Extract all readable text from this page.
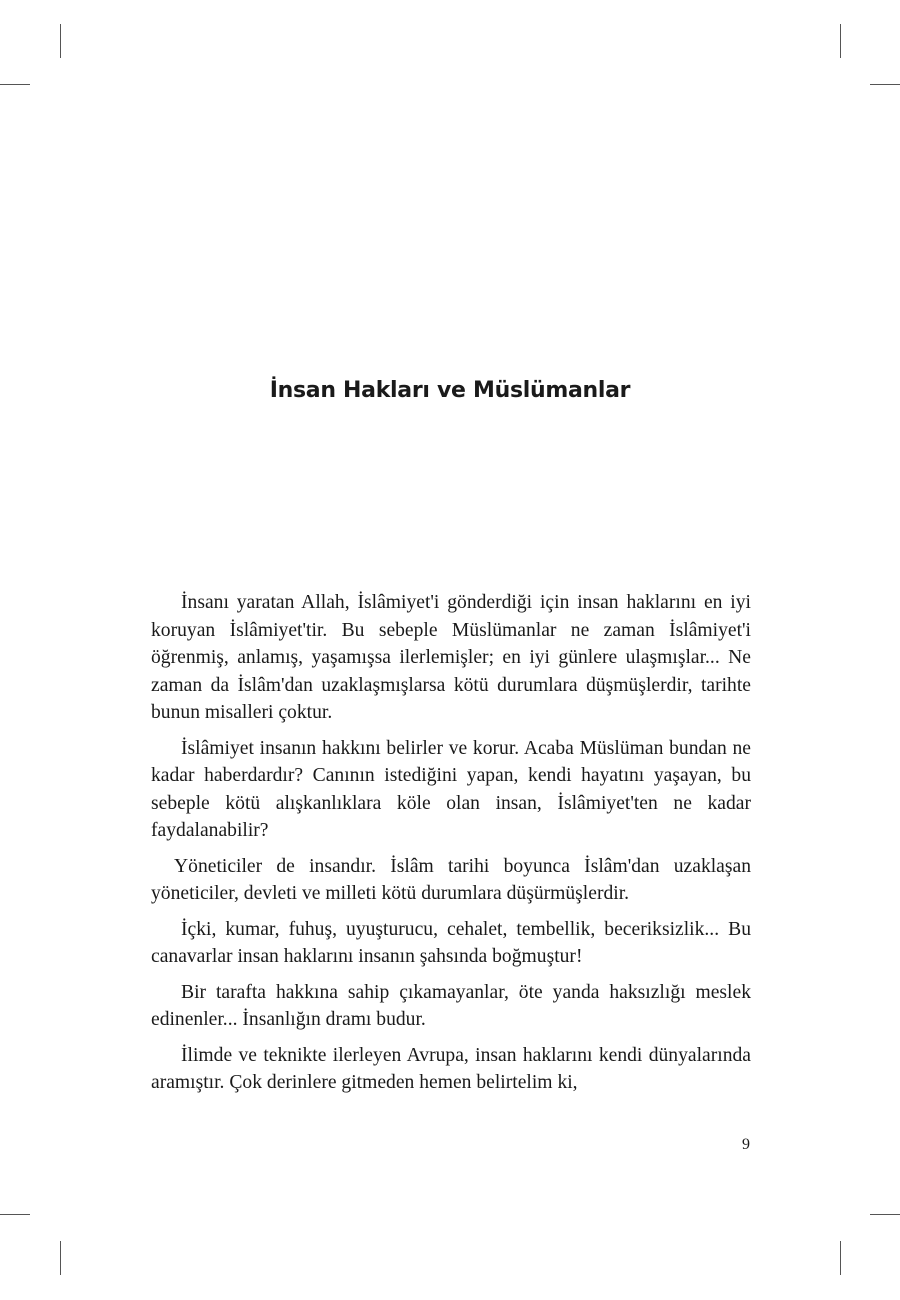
İnsan Hakları ve Müslümanlar

İnsanı yaratan Allah, İslâmiyet'i gönderdiği için insan haklarını en iyi koruyan İslâmiyet'tir. Bu sebeple Müslümanlar ne zaman İslâmiyet'i öğrenmiş, anlamış, yaşamışsa ilerlemişler; en iyi günlere ulaşmışlar... Ne zaman da İslâm'dan uzaklaşmışlarsa kötü durumlara düşmüşlerdir, tarihte bunun misalleri çoktur.

İslâmiyet insanın hakkını belirler ve korur. Acaba Müslüman bundan ne kadar haberdardır? Canının istediğini yapan, kendi hayatını yaşayan, bu sebeple kötü alışkanlıklara köle olan insan, İslâmiyet'ten ne kadar faydalanabilir?

Yöneticiler de insandır. İslâm tarihi boyunca İslâm'dan uzaklaşan yöneticiler, devleti ve milleti kötü durumlara düşürmüşlerdir.

İçki, kumar, fuhuş, uyuşturucu, cehalet, tembellik, beceriksizlik... Bu canavarlar insan haklarını insanın şahsında boğmuştur!

Bir tarafta hakkına sahip çıkamayanlar, öte yanda haksızlığı meslek edinenler... İnsanlığın dramı budur.

İlimde ve teknikte ilerleyen Avrupa, insan haklarını kendi dünyalarında aramıştır. Çok derinlere gitmeden hemen belirtelim ki,

9
